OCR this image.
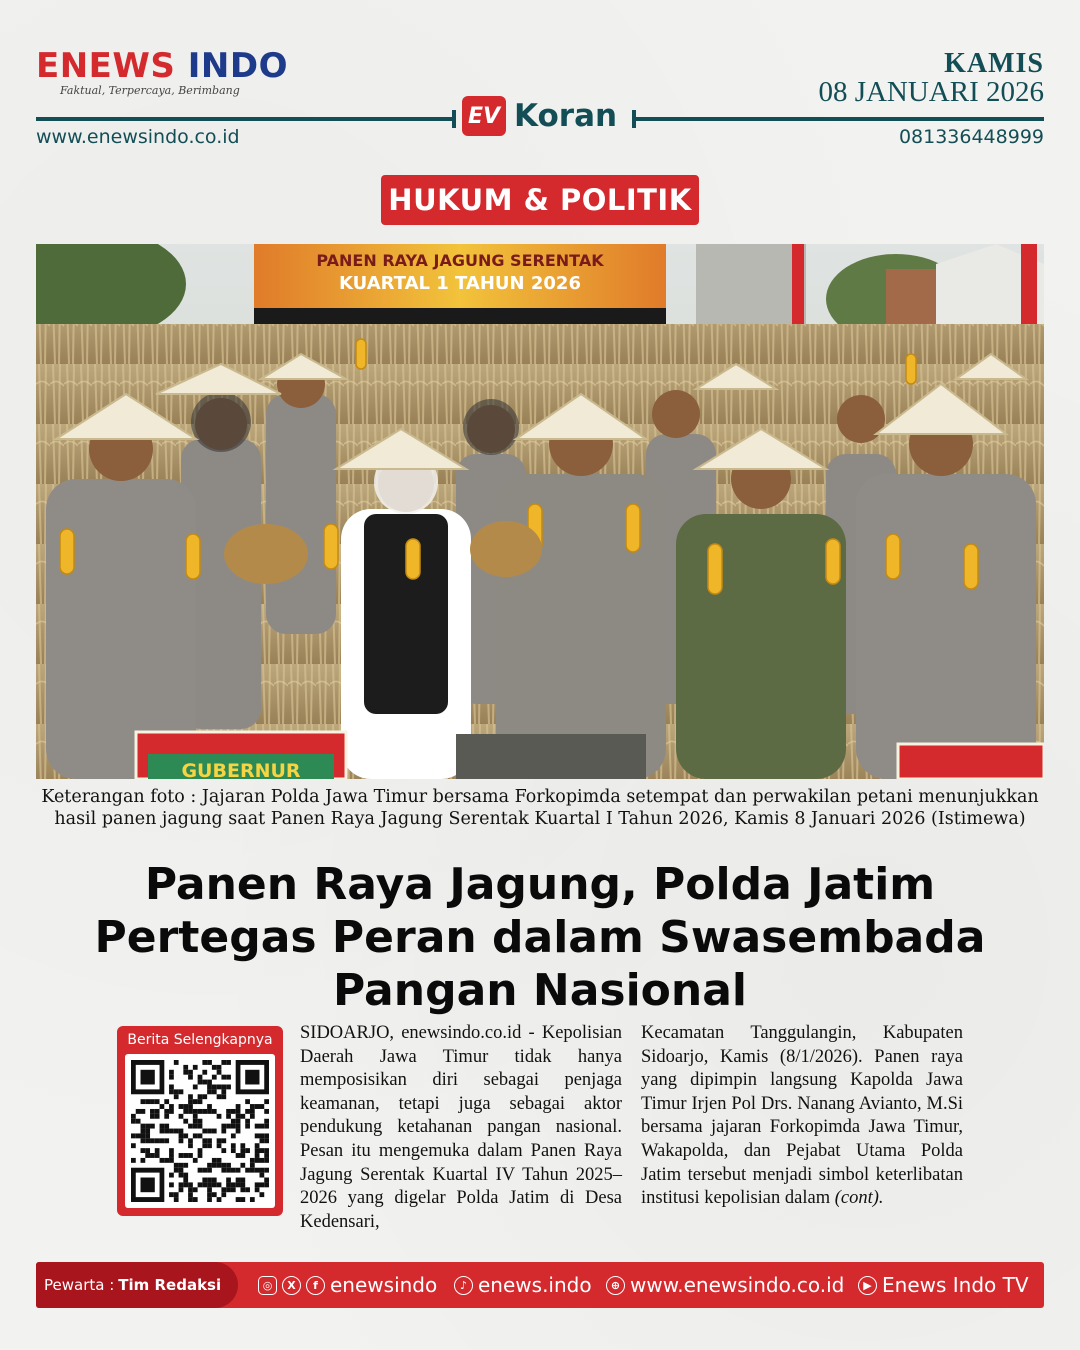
ENEWS INDO
Faktual, Terpercaya, Berimbang
KAMIS
08 JANUARI 2026
EV Koran
www.enewsindo.co.id	081336448999
HUKUM & POLITIK
PANEN RAYA JAGUNG SERENTAK
KUARTAL 1 TAHUN 2026
GUBERNUR
Keterangan foto : Jajaran Polda Jawa Timur bersama Forkopimda setempat dan perwakilan petani menunjukkan hasil panen jagung saat Panen Raya Jagung Serentak Kuartal I Tahun 2026, Kamis 8 Januari 2026 (Istimewa)
Panen Raya Jagung, Polda Jatim Pertegas Peran dalam Swasembada Pangan Nasional
Berita Selengkapnya	SIDOARJO, enewsindo.co.id - Kepolisian Daerah Jawa Timur tidak hanya memposisikan diri sebagai penjaga keamanan, tetapi juga sebagai aktor pendukung ketahanan pangan nasional. Pesan itu mengemuka dalam Panen Raya Jagung Serentak Kuartal IV Tahun 2025–2026 yang digelar Polda Jatim di Desa Kedensari,
Kecamatan Tanggulangin, Kabupaten Sidoarjo, Kamis (8/1/2026). Panen raya yang dipimpin langsung Kapolda Jawa Timur Irjen Pol Drs. Nanang Avianto, M.Si bersama jajaran Forkopimda Jawa Timur, Wakapolda, dan Pejabat Utama Polda Jatim tersebut menjadi simbol keterlibatan institusi kepolisian dalam (cont).
Pewarta : Tim Redaksi	◎	X	f enewsindo	♪ enews.indo	⊕ www.enewsindo.co.id	▶ Enews Indo TV
